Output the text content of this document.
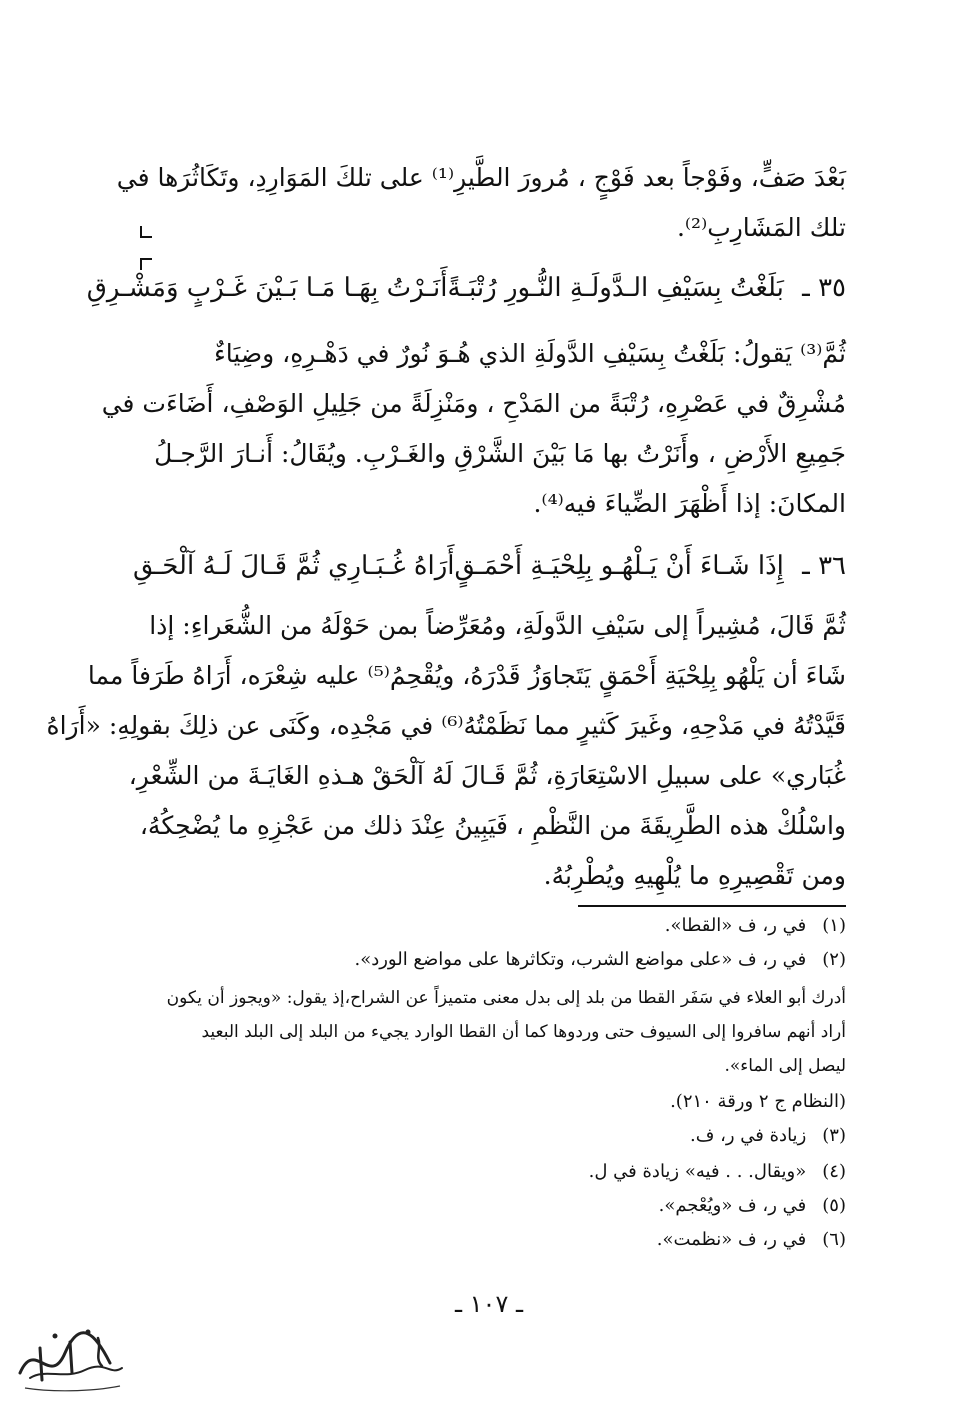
بَعْدَ صَفٍّ، وفَوْجاً بعد فَوْجٍ ، مُرورَ الطَّيرِ⁽¹⁾ على تلكَ المَوَارِدِ، وتَكَاثُرَها في
تلك المَشَارِبِ⁽²⁾.
٣٥ ـ بَلَغْتُ بِسَيْفِ الـدَّولَـةِ النُّـورِ رُتْبَـةً
أَنَـرْتُ بِهَـا مَـا بَـيْنَ غَـرْبٍ وَمَشْـرِقِ
ثُمَّ⁽³⁾ يَقولُ: بَلَغْتُ بِسَيْفِ الدَّولَةِ الذي هُـوَ نُورٌ في دَهْـرِهِ، وضِيَاءٌ
مُشْرِقٌ في عَصْرِهِ، رُتْبَةً من المَدْحِ ، ومَنْزِلَةً من جَلِيلِ الوَصْفِ، أَضَاءَت في
جَمِيعِ الأَرْضِ ، وأَنَرْتُ بها مَا بَيْنَ الشَّرْقِ والغَـرْبِ. ويُقَالُ: أَنـارَ الرَّجـلُ
المكانَ: إذا أَظْهَرَ الضِّياءَ فيه⁽⁴⁾.
٣٦ ـ إِذَا شَـاءَ أَنْ يَـلْهُـو بِلِحْيَـةِ أَحْمَـقٍ
أَرَاهُ غُـبَـارِي ثُمَّ قَـالَ لَـهُ آلْحَـقِ
ثُمَّ قَالَ، مُشِيراً إلى سَيْفِ الدَّولَةِ، ومُعَرِّضاً بمن حَوْلَهُ من الشُّعَراءِ: إذا
شَاءَ أن يَلْهُو بِلِحْيَةِ أَحْمَقٍ يَتَجاوَزُ قَدْرَهُ، ويُقْحِمُ⁽⁵⁾ عليه شِعْرَه، أَرَاهُ طَرَفاً مما
قَيَّدْتُهُ في مَدْحِهِ، وغَيرَ كَثيرٍ مما نَظَمْتُهُ⁽⁶⁾ في مَجْدِه، وكَنَى عن ذلِكَ بقولِهِ: «أَرَاهُ
غُبَاري» على سبيلِ الاسْتِعَارَةِ، ثُمَّ قَـالَ لَهُ آلْحَقْ هـذهِ الغَايَـةَ من الشِّعْرِ،
واسْلُكْ هذه الطَّرِيقَةَ من النَّظْمِ ، فَيَبِينُ عِنْدَ ذلك من عَجْزِهِ ما يُضْحِكُهُ،
ومن تَقْصِيرِهِ ما يُلْهِيهِ ويُطْرِبُهُ.
(١) في ر، ف «القطا».
(٢) في ر، ف «على مواضع الشرب، وتكاثرها على مواضع الورد».
أدرك أبو العلاء في سَفَر القطا من بلد إلى بدل معنى متميزاً عن الشراح،إذ يقول: «ويجوز أن يكون
أراد أنهم سافروا إلى السيوف حتى وردوها كما أن القطا الوارد يجيء من البلد إلى البلد البعيد
ليصل إلى الماء».
(النظام ج ٢ ورقة ٢١٠).
(٣) زيادة في ر، ف.
(٤) «ويقال. . . فيه» زيادة في ل.
(٥) في ر، ف «ويُعْجم».
(٦) في ر، ف «نظمت».
ـ ١٠٧ ـ
